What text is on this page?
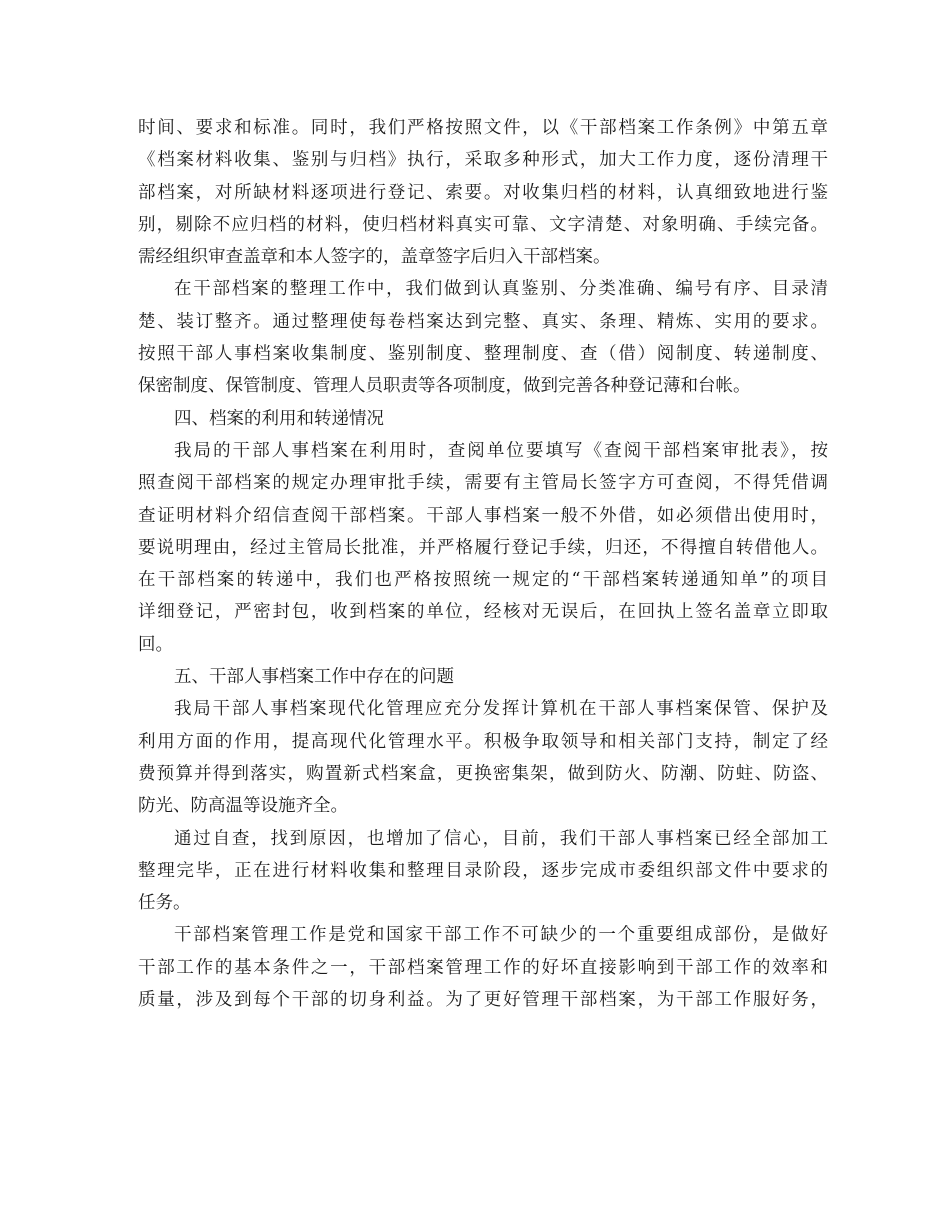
时间、要求和标准。同时，我们严格按照文件，以《干部档案工作条例》中第五章
《档案材料收集、鉴别与归档》执行，采取多种形式，加大工作力度，逐份清理干
部档案，对所缺材料逐项进行登记、索要。对收集归档的材料，认真细致地进行鉴
别，剔除不应归档的材料，使归档材料真实可靠、文字清楚、对象明确、手续完备。
需经组织审查盖章和本人签字的，盖章签字后归入干部档案。
在干部档案的整理工作中，我们做到认真鉴别、分类准确、编号有序、目录清
楚、装订整齐。通过整理使每卷档案达到完整、真实、条理、精炼、实用的要求。
按照干部人事档案收集制度、鉴别制度、整理制度、查（借）阅制度、转递制度、
保密制度、保管制度、管理人员职责等各项制度，做到完善各种登记薄和台帐。
四、档案的利用和转递情况
我局的干部人事档案在利用时，查阅单位要填写《查阅干部档案审批表》，按
照查阅干部档案的规定办理审批手续，需要有主管局长签字方可查阅，不得凭借调
查证明材料介绍信查阅干部档案。干部人事档案一般不外借，如必须借出使用时，
要说明理由，经过主管局长批准，并严格履行登记手续，归还，不得擅自转借他人。
在干部档案的转递中，我们也严格按照统一规定的“干部档案转递通知单”的项目
详细登记，严密封包，收到档案的单位，经核对无误后，在回执上签名盖章立即取
回。
五、干部人事档案工作中存在的问题
我局干部人事档案现代化管理应充分发挥计算机在干部人事档案保管、保护及
利用方面的作用，提高现代化管理水平。积极争取领导和相关部门支持，制定了经
费预算并得到落实，购置新式档案盒，更换密集架，做到防火、防潮、防蛀、防盗、
防光、防高温等设施齐全。
通过自查，找到原因，也增加了信心，目前，我们干部人事档案已经全部加工
整理完毕，正在进行材料收集和整理目录阶段，逐步完成市委组织部文件中要求的
任务。
干部档案管理工作是党和国家干部工作不可缺少的一个重要组成部份，是做好
干部工作的基本条件之一，干部档案管理工作的好坏直接影响到干部工作的效率和
质量，涉及到每个干部的切身利益。为了更好管理干部档案，为干部工作服好务，
